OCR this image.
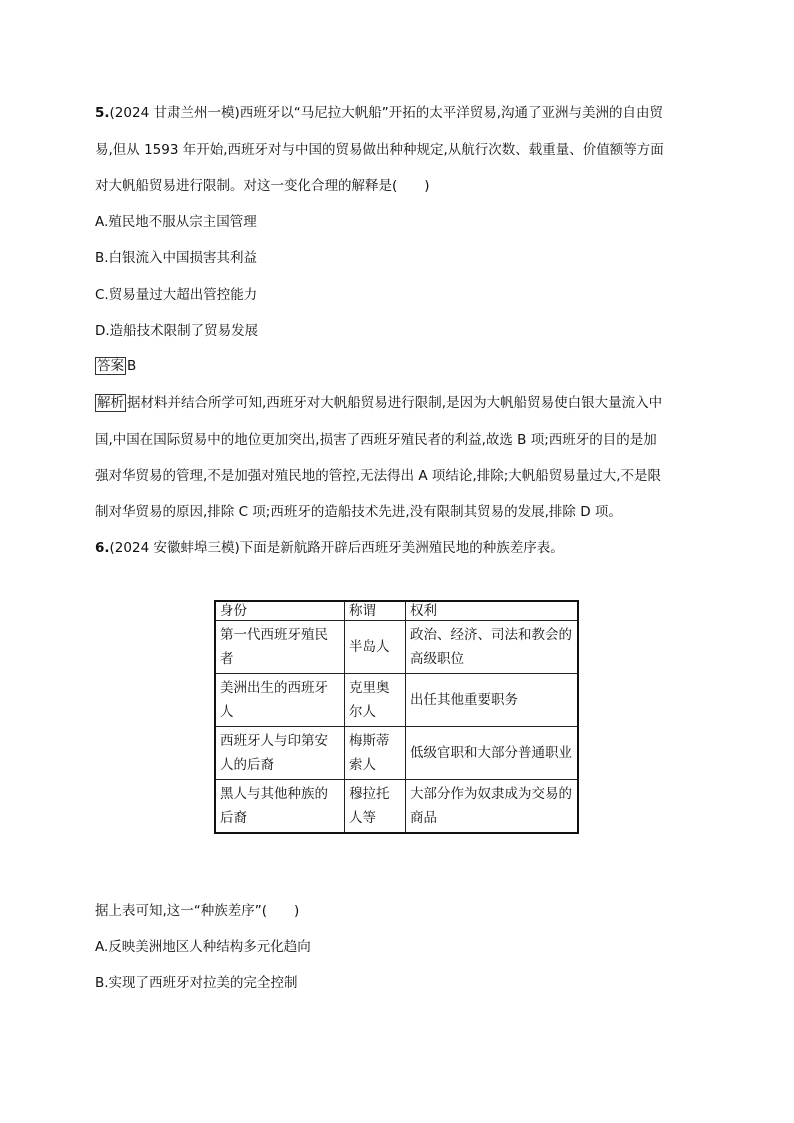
5.(2024 甘肃兰州一模)西班牙以“马尼拉大帆船”开拓的太平洋贸易,沟通了亚洲与美洲的自由贸
易,但从 1593 年开始,西班牙对与中国的贸易做出种种规定,从航行次数、载重量、价值额等方面
对大帆船贸易进行限制。对这一变化合理的解释是(　　)
A.殖民地不服从宗主国管理
B.白银流入中国损害其利益
C.贸易量过大超出管控能力
D.造船技术限制了贸易发展
答案 B
解析 据材料并结合所学可知,西班牙对大帆船贸易进行限制,是因为大帆船贸易使白银大量流入中
国,中国在国际贸易中的地位更加突出,损害了西班牙殖民者的利益,故选 B 项;西班牙的目的是加
强对华贸易的管理,不是加强对殖民地的管控,无法得出 A 项结论,排除;大帆船贸易量过大,不是限
制对华贸易的原因,排除 C 项;西班牙的造船技术先进,没有限制其贸易的发展,排除 D 项。
6.(2024 安徽蚌埠三模)下面是新航路开辟后西班牙美洲殖民地的种族差序表。
身份	称谓	权利
第一代西班牙殖民者	半岛人	政治、经济、司法和教会的高级职位
美洲出生的西班牙人	克里奥尔人	出任其他重要职务
西班牙人与印第安人的后裔	梅斯蒂索人	低级官职和大部分普通职业
黑人与其他种族的后裔	穆拉托人等	大部分作为奴隶成为交易的商品
据上表可知,这一“种族差序”(　　)
A.反映美洲地区人种结构多元化趋向
B.实现了西班牙对拉美的完全控制
